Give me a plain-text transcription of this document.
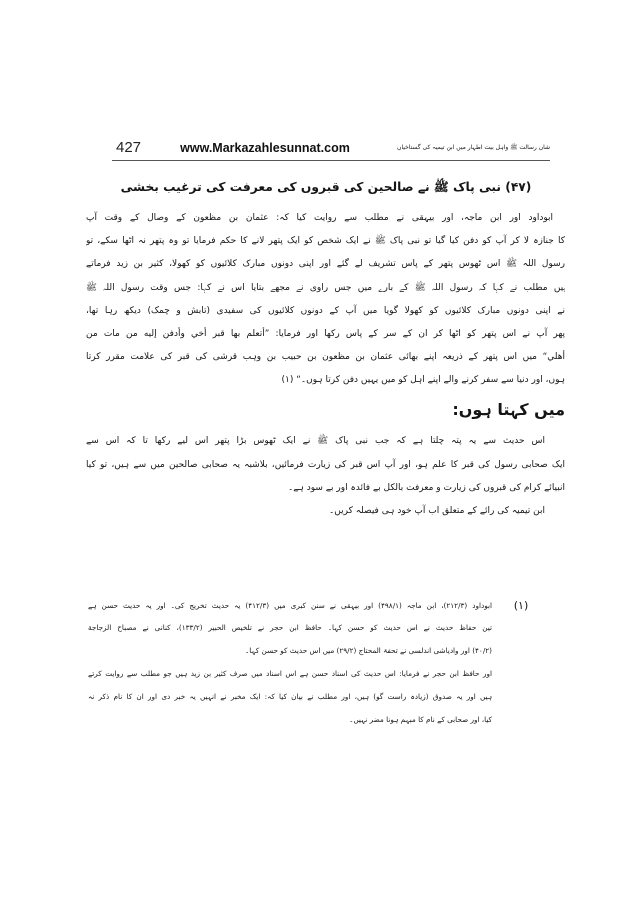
427	www.Markazahlesunnat.com	شان رسالت ﷺ واہل بیت اطہار میں ابن تیمیہ کی گستاخیاں
(۴۷) نبی پاک ﷺ نے صالحین کی قبروں کی معرفت کی ترغیب بخشی
ابوداود اور ابن ماجہ، اور بیہقی نے مطلب سے روایت کیا کہ: عثمان بن مظعون کے وصال کے وقت آپ
کا جنازہ لا کر آپ کو دفن کیا گیا تو نبی پاک ﷺ نے ایک شخص کو ایک پتھر لانے کا حکم فرمایا تو وہ پتھر نہ اٹھا سکے، تو
رسول اللہ ﷺ اس ٹھوس پتھر کے پاس تشریف لے گئے اور اپنی دونوں مبارک کلائیوں کو کھولا، کثیر بن زید فرماتے
ہیں مطلب نے کہا کہ رسول اللہ ﷺ کے بارے میں جس راوی نے مجھے بتایا اس نے کہا: جس وقت رسول اللہ ﷺ
نے اپنی دونوں مبارک کلائیوں کو کھولا گویا میں آپ کے دونوں کلائیوں کی سفیدی (تابش و چمک) دیکھ رہا تھا،
پھر آپ نے اس پتھر کو اٹھا کر ان کے سر کے پاس رکھا اور فرمایا: ”أتعلم بها قبر أخي وأدفن إليه من مات من
أهلي“ میں اس پتھر کے ذریعہ اپنے بھائی عثمان بن مظعون بن حبیب بن وہب قرشی کی قبر کی علامت مقرر کرتا
ہوں، اور دنیا سے سفر کرنے والے اپنے اہل کو میں یہیں دفن کرتا ہوں۔“ (۱)
میں کہتا ہوں:
اس حدیث سے یہ پتہ چلتا ہے کہ جب نبی پاک ﷺ نے ایک ٹھوس بڑا پتھر اس لیے رکھا تا کہ اس سے
ایک صحابی رسول کی قبر کا علم ہو، اور آپ اس قبر کی زیارت فرمائیں، بلاشبہ یہ صحابی صالحین میں سے ہیں، تو کیا
انبیائے کرام کی قبروں کی زیارت و معرفت بالکل بے فائدہ اور بے سود ہے۔
ابن تیمیہ کی رائے کے متعلق اب آپ خود ہی فیصلہ کریں۔
(۱)
ابوداود (۲۱۲/۳)، ابن ماجہ (۴۹۸/۱) اور بیہقی نے سنن کبری میں (۴۱۲/۳) یہ حدیث تخریج کی۔ اور یہ حدیث حسن ہے
تین حفاظ حدیث نے اس حدیث کو حسن کہا۔ حافظ ابن حجر نے تلخیص الحبیر (۱۳۳/۲)، کنانی نے مصباح الزجاجة
(۴۰/۲) اور وادیاشی اندلسی نے تحفۃ المحتاج (۲۹/۲) میں اس حدیث کو حسن کہا۔
اور حافظ ابن حجر نے فرمایا: اس حدیث کی اسناد حسن ہے اس اسناد میں صرف کثیر بن زید ہیں جو مطلب سے روایت کرتے
ہیں اور یہ صدوق (زیادہ راست گو) ہیں، اور مطلب نے بیان کیا کہ: ایک مخبر نے انہیں یہ خبر دی اور ان کا نام ذکر نہ
کیا، اور صحابی کے نام کا مبہم ہونا مضر نہیں۔
